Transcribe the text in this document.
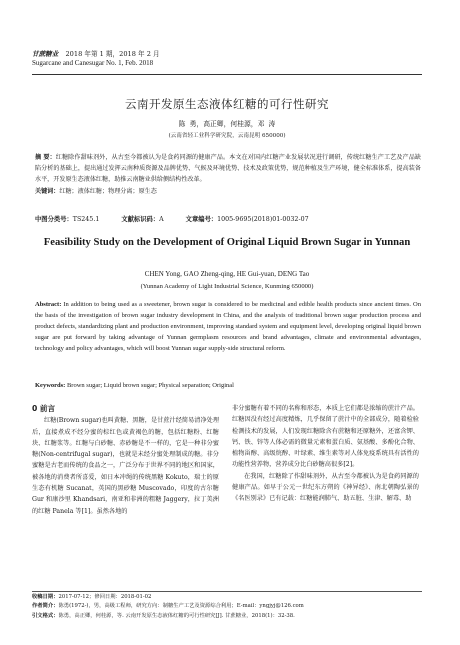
甘蔗糖业 2018 年第 1 期，2018 年 2 月
Sugarcane and Canesugar No. 1, Feb. 2018
云南开发原生态液体红糖的可行性研究
陈 勇，高正卿，何桂源，邓 涛
(云南省轻工业科学研究院，云南昆明 650000)
摘 要：红糖除作甜味剂外，从古至今都被认为是食药同源的健康产品。本文在对国内红糖产业发展状况进行调研，传统红糖生产工艺及产品缺陷分析的基础上，提出通过发挥云南种质资源及品牌优势、气候及环境优势、技术及政策优势，规范种植及生产环境，健全标准体系，提高装备水平，开发原生态液体红糖，助推云南糖业供给侧结构性改革。
关键词：红糖；液体红糖；物理分离；原生态
中图分类号：TS245.1	文献标识码：A	文章编号：1005-9695(2018)01-0032-07
Feasibility Study on the Development of Original Liquid Brown Sugar in Yunnan
CHEN Yong, GAO Zheng-qing, HE Gui-yuan, DENG Tao
(Yunnan Academy of Light Industrial Science, Kunming 650000)
Abstract: In addition to being used as a sweetener, brown sugar is considered to be medicinal and edible health products since ancient times. On the basis of the investigation of brown sugar industry development in China, and the analysis of traditional brown sugar production process and product defects, standardizing plant and production environment, improving standard system and equipment level, developing original liquid brown sugar are put forward by taking advantage of Yunnan germplasm resources and brand advantages, climate and environmental advantages, technology and policy advantages, which will boost Yunnan sugar supply-side structural reform.
Keywords: Brown sugar; Liquid brown sugar; Physical separation; Original
0 前言

红糖(Brown sugar)也叫黄糖、黑糖，是甘蔗汁经简易清净处理后，直接煮成不经分蜜的棕红色或黄褐色的糖，包括红糖粉、红糖块、红糖浆等。红糖与白砂糖、赤砂糖是不一样的，它是一种非分蜜糖(Non-centrifugal sugar)，也就是未经分蜜处理制成的糖。非分蜜糖是古老而传统的食品之一，广泛分布于世界不同的地区和国家，被各地的消费者所喜爱，如日本冲绳的传统黑糖 Kokuto，瑞士的原生态有机糖 Sucanat，英国的黑砂糖 Muscovado，印度的古尔糖 Gur 和康沙里 Khandsari，南亚和非洲的粗糖 Jaggery，拉丁美洲的红糖 Panela 等[1]。虽然各地的

非分蜜糖有着不同的名称和形态，本质上它们都是浓缩的蔗汁产品。红糖因没有经过高度精炼，几乎保留了蔗汁中的全部成分，随着检验检测技术的发展，人们发现红糖除含有蔗糖和还原糖外，还富含钾、钙、铁、锌等人体必需的微量元素和蛋白质、氨基酸、多酚化合物、植物甾醇、高级烷醇、叶绿素、维生素等对人体免疫系统具有活性的功能性营养物，营养成分比白砂糖高很多[2]。

在我国，红糖除了作甜味剂外，从古至今都被认为是食药同源的健康产品。如早于公元一世纪东方朔的《神异经》、南北朝陶弘景的《名医别录》已有记载：红糖能润肺气、助五脏、生津、解毒、助

收稿日期：2017-07-12；修回日期：2018-01-02
作者简介：陈勇(1972-)，男，高级工程师，研究方向：制糖生产工艺及资源综合利用；E-mail：yngjyj@126.com
引文格式：陈勇，高正卿，何桂源，等. 云南开发原生态液体红糖的可行性研究[J]. 甘蔗糖业，2018(1)：32-38.
